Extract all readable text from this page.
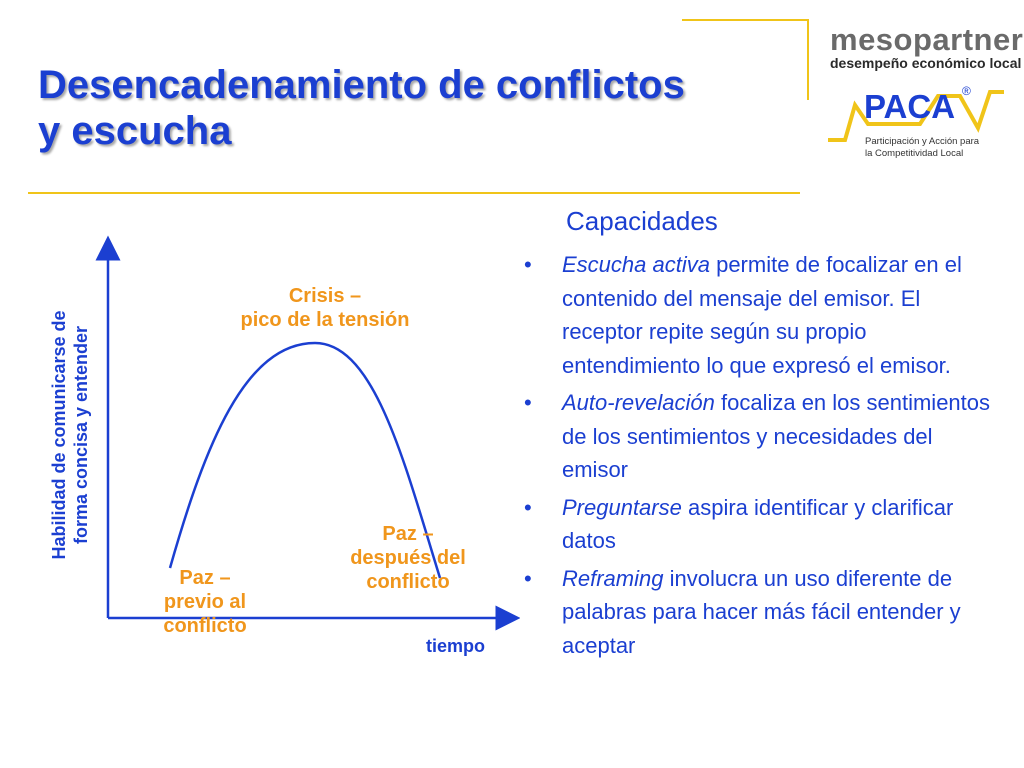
Desencadenamiento de conflictos
y escucha
mesopartner
desempeño económico local
PACA ®
Participación y Acción para
la Competitividad Local
Habilidad de comunicarse de forma concisa y entender
Crisis –
pico de la tensión
Paz –
previo al
conflicto
Paz –
después del
conflicto
tiempo
Capacidades
• Escucha activa permite de focalizar en el contenido del mensaje del emisor. El receptor repite según su propio entendimiento lo que expresó el emisor.
• Auto-revelación focaliza en los sentimientos de los sentimientos y necesidades del emisor
• Preguntarse aspira identificar y clarificar datos
• Reframing involucra un uso diferente de palabras para hacer más fácil entender y aceptar
